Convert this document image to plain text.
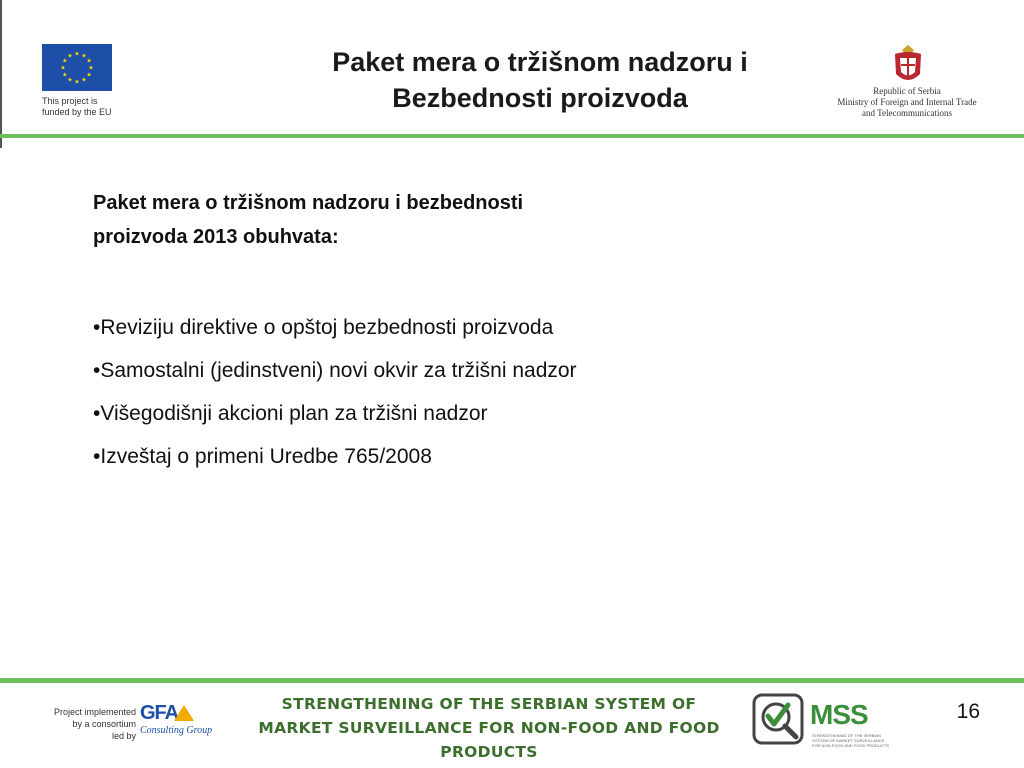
★ ★
★
★
★
★
★
★
★
★
★
★
This project is
funded by the EU
Paket mera o tržišnom nadzoru i
Bezbednosti proizvoda	Republic of Serbia
Ministry of Foreign and Internal Trade
and Telecommunications

Paket mera o tržišnom nadzoru i bezbednosti
proizvoda 2013 obuhvata:

• Reviziju direktive o opštoj bezbednosti proizvoda
• Samostalni (jedinstveni) novi okvir za tržišni nadzor
• Višegodišnji akcioni plan za tržišni nadzor
• Izveštaj o primeni Uredbe 765/2008
Project implemented
by a consortium
led by
GFA
Consulting Group
STRENGTHENING OF THE SERBIAN SYSTEM OF
MARKET SURVEILLANCE FOR NON-FOOD AND FOOD PRODUCTS
MSS
STRENGTHENING OF THE SERBIAN SYSTEM OF MARKET SURVEILLANCE FOR NON-FOOD AND FOOD PRODUCTS
16
